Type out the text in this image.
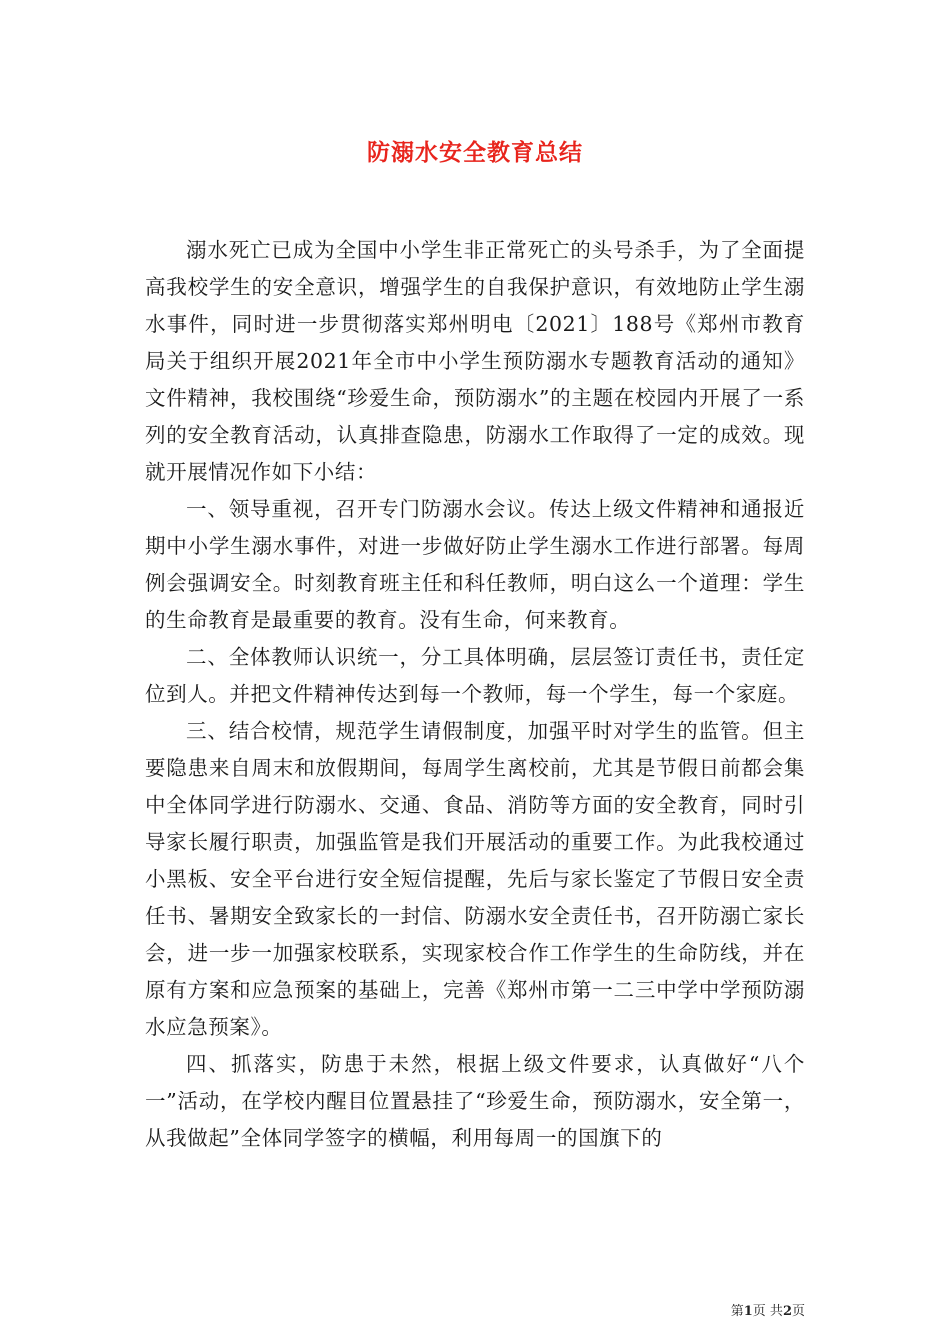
防溺水安全教育总结

溺水死亡已成为全国中小学生非正常死亡的头号杀手，为了全面提高我校学生的安全意识，增强学生的自我保护意识，有效地防止学生溺水事件，同时进一步贯彻落实郑州明电〔2021〕188号《郑州市教育局关于组织开展2021年全市中小学生预防溺水专题教育活动的通知》文件精神，我校围绕“珍爱生命，预防溺水”的主题在校园内开展了一系列的安全教育活动，认真排查隐患，防溺水工作取得了一定的成效。现就开展情况作如下小结：

一、领导重视，召开专门防溺水会议。传达上级文件精神和通报近期中小学生溺水事件，对进一步做好防止学生溺水工作进行部署。每周例会强调安全。时刻教育班主任和科任教师，明白这么一个道理：学生的生命教育是最重要的教育。没有生命，何来教育。

二、全体教师认识统一，分工具体明确，层层签订责任书，责任定位到人。并把文件精神传达到每一个教师，每一个学生，每一个家庭。

三、结合校情，规范学生请假制度，加强平时对学生的监管。但主要隐患来自周末和放假期间，每周学生离校前，尤其是节假日前都会集中全体同学进行防溺水、交通、食品、消防等方面的安全教育，同时引导家长履行职责，加强监管是我们开展活动的重要工作。为此我校通过小黑板、安全平台进行安全短信提醒，先后与家长鉴定了节假日安全责任书、暑期安全致家长的一封信、防溺水安全责任书，召开防溺亡家长会，进一步一加强家校联系，实现家校合作工作学生的生命防线，并在原有方案和应急预案的基础上，完善《郑州市第一二三中学中学预防溺水应急预案》。

四、抓落实，防患于未然，根据上级文件要求，认真做好“八个一”活动，在学校内醒目位置悬挂了“珍爱生命，预防溺水，安全第一，从我做起”全体同学签字的横幅，利用每周一的国旗下的

第1页 共2页
